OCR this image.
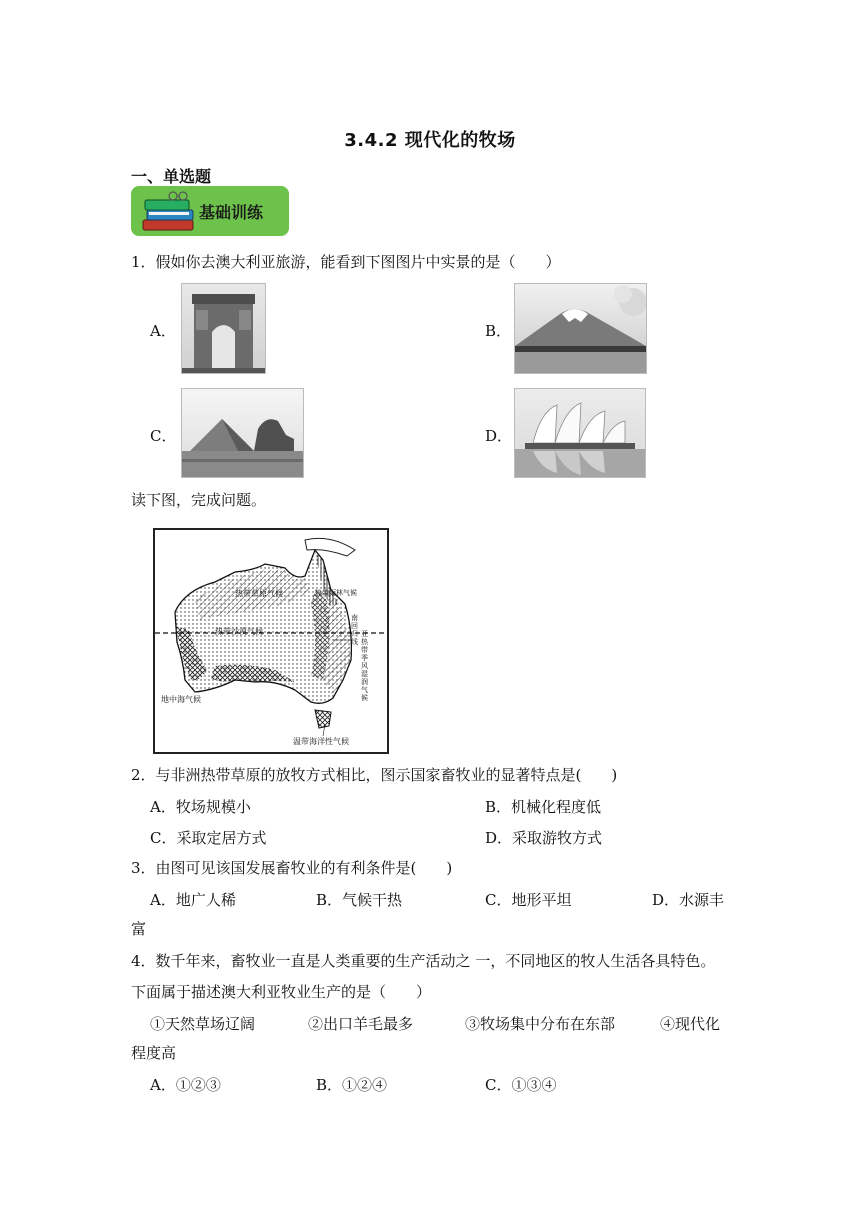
3.4.2 现代化的牧场
一、单选题
基础训练
1．假如你去澳大利亚旅游，能看到下图图片中实景的是（　　）
A．	B．
C．	D．
读下图，完成问题。
热带草原气候	热带雨林气候
热带沙漠气候
南回归线
亚热带季风湿润气候
地中海气候
温带海洋性气候
2．与非洲热带草原的放牧方式相比，图示国家畜牧业的显著特点是(　　)
A．牧场规模小	B．机械化程度低
C．采取定居方式	D．采取游牧方式
3．由图可见该国发展畜牧业的有利条件是(　　)
A．地广人稀	B．气候干热	C．地形平坦	D．水源丰
富
4．数千年来，畜牧业一直是人类重要的生产活动之 一，不同地区的牧人生活各具特色。
下面属于描述澳大利亚牧业生产的是（　　）
①天然草场辽阔	②出口羊毛最多	③牧场集中分布在东部	④现代化
程度高
A．①②③	B．①②④	C．①③④
